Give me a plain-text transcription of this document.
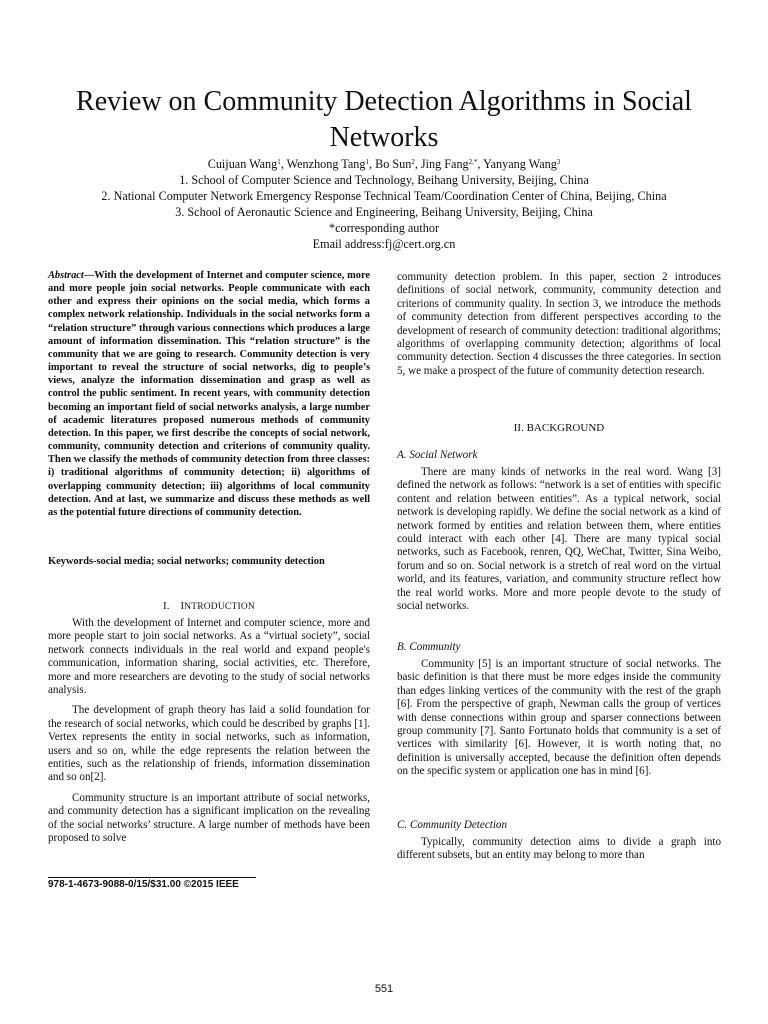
Review on Community Detection Algorithms in Social Networks
Cuijuan Wang$^1$, Wenzhong Tang$^1$, Bo Sun$^2$, Jing Fang$^{2,*}$, Yanyang Wang$^3$
1. School of Computer Science and Technology, Beihang University, Beijing, China
2. National Computer Network Emergency Response Technical Team/Coordination Center of China, Beijing, China
3. School of Aeronautic Science and Engineering, Beihang University, Beijing, China
*corresponding author
Email address:fj@cert.org.cn
Abstract—With the development of Internet and computer science, more and more people join social networks. People communicate with each other and express their opinions on the social media, which forms a complex network relationship. Individuals in the social networks form a “relation structure” through various connections which produces a large amount of information dissemination. This “relation structure” is the community that we are going to research. Community detection is very important to reveal the structure of social networks, dig to people’s views, analyze the information dissemination and grasp as well as control the public sentiment. In recent years, with community detection becoming an important field of social networks analysis, a large number of academic literatures proposed numerous methods of community detection. In this paper, we first describe the concepts of social network, community, community detection and criterions of community quality. Then we classify the methods of community detection from three classes: i) traditional algorithms of community detection; ii) algorithms of overlapping community detection; iii) algorithms of local community detection. And at last, we summarize and discuss these methods as well as the potential future directions of community detection.
Keywords-social media; social networks; community detection
I. INTRODUCTION

With the development of Internet and computer science, more and more people start to join social networks. As a “virtual society”, social network connects individuals in the real world and expand people's communication, information sharing, social activities, etc. Therefore, more and more researchers are devoting to the study of social networks analysis.

The development of graph theory has laid a solid foundation for the research of social networks, which could be described by graphs [1]. Vertex represents the entity in social networks, such as information, users and so on, while the edge represents the relation between the entities, such as the relationship of friends, information dissemination and so on[2].

Community structure is an important attribute of social networks, and community detection has a significant implication on the revealing of the social networks’ structure. A large number of methods have been proposed to solve

978-1-4673-9088-0/15/$31.00 ©2015 IEEE

community detection problem. In this paper, section 2 introduces definitions of social network, community, community detection and criterions of community quality. In section 3, we introduce the methods of community detection from different perspectives according to the development of research of community detection: traditional algorithms; algorithms of overlapping community detection; algorithms of local community detection. Section 4 discusses the three categories. In section 5, we make a prospect of the future of community detection research.

II. BACKGROUND
A. Social Network

There are many kinds of networks in the real word. Wang [3] defined the network as follows: “network is a set of entities with specific content and relation between entities”. As a typical network, social network is developing rapidly. We define the social network as a kind of network formed by entities and relation between them, where entities could interact with each other [4]. There are many typical social networks, such as Facebook, renren, QQ, WeChat, Twitter, Sina Weibo, forum and so on. Social network is a stretch of real word on the virtual world, and its features, variation, and community structure reflect how the real world works. More and more people devote to the study of social networks.

B. Community

Community [5] is an important structure of social networks. The basic definition is that there must be more edges inside the community than edges linking vertices of the community with the rest of the graph [6]. From the perspective of graph, Newman calls the group of vertices with dense connections within group and sparser connections between group community [7]. Santo Fortunato holds that community is a set of vertices with similarity [6]. However, it is worth noting that, no definition is universally accepted, because the definition often depends on the specific system or application one has in mind [6].

C. Community Detection

Typically, community detection aims to divide a graph into different subsets, but an entity may belong to more than

551
